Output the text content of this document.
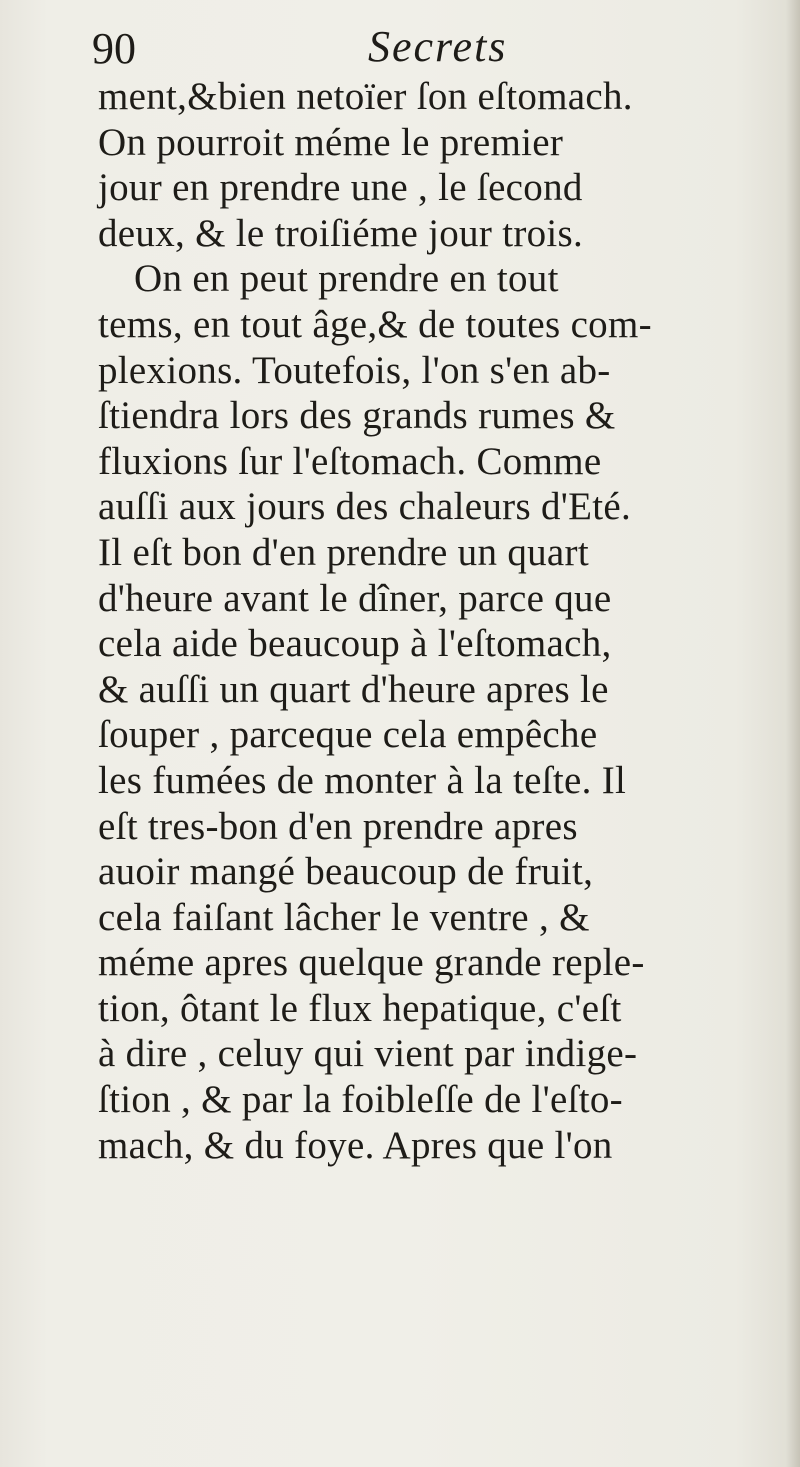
90	Secrets
ment,&bien netoïer ſon eſtomach.
On pourroit méme le premier
jour en prendre une , le ſecond
deux, & le troiſiéme jour trois.
On en peut prendre en tout
tems, en tout âge,& de toutes com-
plexions. Toutefois, l'on s'en ab-
ſtiendra lors des grands rumes &
fluxions ſur l'eſtomach. Comme
auſſi aux jours des chaleurs d'Eté.
Il eſt bon d'en prendre un quart
d'heure avant le dîner, parce que
cela aide beaucoup à l'eſtomach,
& auſſi un quart d'heure apres le
ſouper , parceque cela empêche
les fumées de monter à la teſte. Il
eſt tres-bon d'en prendre apres
auoir mangé beaucoup de fruit,
cela faiſant lâcher le ventre , &
méme apres quelque grande reple-
tion, ôtant le flux hepatique, c'eſt
à dire , celuy qui vient par indige-
ſtion , & par la foibleſſe de l'eſto-
mach, & du foye. Apres que l'on
